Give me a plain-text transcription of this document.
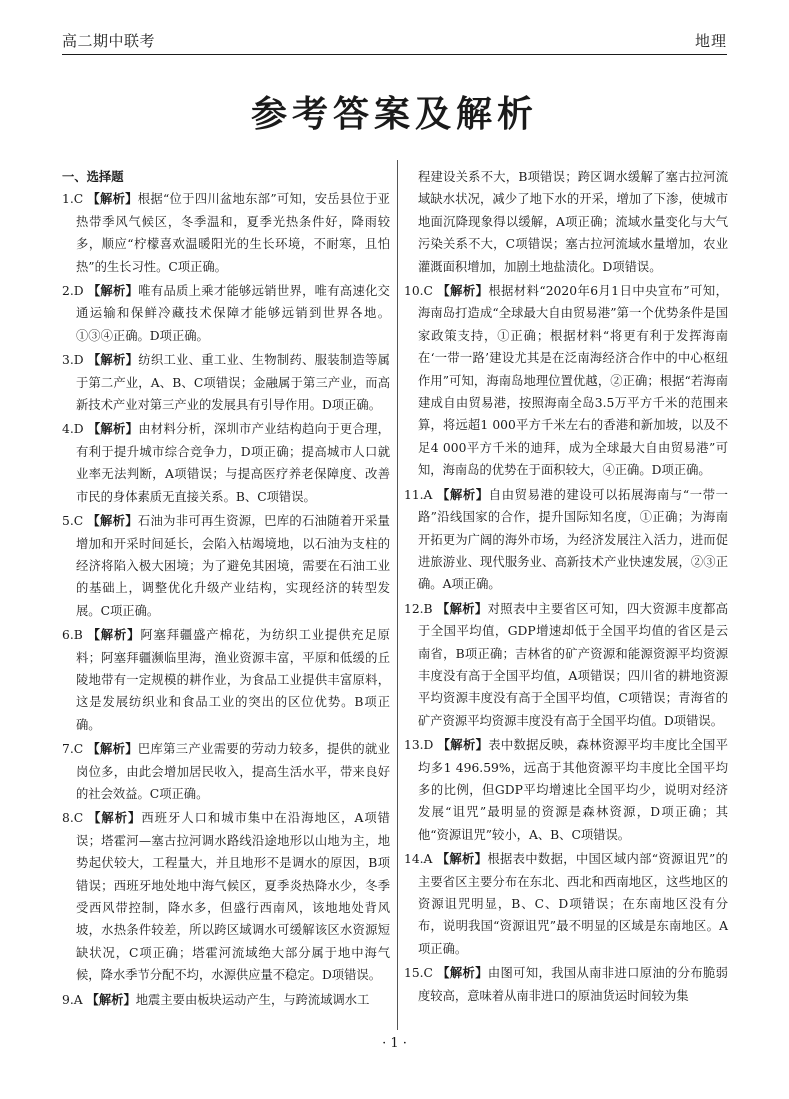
高二期中联考	地理
参考答案及解析
一、选择题

1.C 【解析】根据“位于四川盆地东部”可知，安岳县位于亚热带季风气候区，冬季温和，夏季光热条件好，降雨较多，顺应“柠檬喜欢温暖阳光的生长环境，不耐寒，且怕热”的生长习性。C项正确。

2.D 【解析】唯有品质上乘才能够远销世界，唯有高速化交通运输和保鲜冷藏技术保障才能够远销到世界各地。①③④正确。D项正确。

3.D 【解析】纺织工业、重工业、生物制药、服装制造等属于第二产业，A、B、C项错误；金融属于第三产业，而高新技术产业对第三产业的发展具有引导作用。D项正确。

4.D 【解析】由材料分析，深圳市产业结构趋向于更合理，有利于提升城市综合竞争力，D项正确；提高城市人口就业率无法判断，A项错误；与提高医疗养老保障度、改善市民的身体素质无直接关系。B、C项错误。

5.C 【解析】石油为非可再生资源，巴库的石油随着开采量增加和开采时间延长，会陷入枯竭境地，以石油为支柱的经济将陷入极大困境；为了避免其困境，需要在石油工业的基础上，调整优化升级产业结构，实现经济的转型发展。C项正确。

6.B 【解析】阿塞拜疆盛产棉花，为纺织工业提供充足原料；阿塞拜疆濒临里海，渔业资源丰富，平原和低缓的丘陵地带有一定规模的耕作业，为食品工业提供丰富原料，这是发展纺织业和食品工业的突出的区位优势。B项正确。

7.C 【解析】巴库第三产业需要的劳动力较多，提供的就业岗位多，由此会增加居民收入，提高生活水平，带来良好的社会效益。C项正确。

8.C 【解析】西班牙人口和城市集中在沿海地区，A项错误；塔霍河—塞古拉河调水路线沿途地形以山地为主，地势起伏较大，工程量大，并且地形不是调水的原因，B项错误；西班牙地处地中海气候区，夏季炎热降水少，冬季受西风带控制，降水多，但盛行西南风，该地地处背风坡，水热条件较差，所以跨区域调水可缓解该区水资源短缺状况，C项正确；塔霍河流域绝大部分属于地中海气候，降水季节分配不均，水源供应量不稳定。D项错误。

9.A 【解析】地震主要由板块运动产生，与跨流域调水工

程建设关系不大，B项错误；跨区调水缓解了塞古拉河流域缺水状况，减少了地下水的开采，增加了下渗，使城市地面沉降现象得以缓解，A项正确；流域水量变化与大气污染关系不大，C项错误；塞古拉河流域水量增加，农业灌溉面积增加，加剧土地盐渍化。D项错误。

10.C 【解析】根据材料“2020年6月1日中央宣布”可知，海南岛打造成“全球最大自由贸易港”第一个优势条件是国家政策支持，①正确；根据材料“将更有利于发挥海南在‘一带一路’建设尤其是在泛南海经济合作中的中心枢纽作用”可知，海南岛地理位置优越，②正确；根据“若海南建成自由贸易港，按照海南全岛3.5万平方千米的范围来算，将远超1 000平方千米左右的香港和新加坡，以及不足4 000平方千米的迪拜，成为全球最大自由贸易港”可知，海南岛的优势在于面积较大，④正确。D项正确。

11.A 【解析】自由贸易港的建设可以拓展海南与“一带一路”沿线国家的合作，提升国际知名度，①正确；为海南开拓更为广阔的海外市场，为经济发展注入活力，进而促进旅游业、现代服务业、高新技术产业快速发展，②③正确。A项正确。

12.B 【解析】对照表中主要省区可知，四大资源丰度都高于全国平均值，GDP增速却低于全国平均值的省区是云南省，B项正确；吉林省的矿产资源和能源资源平均资源丰度没有高于全国平均值，A项错误；四川省的耕地资源平均资源丰度没有高于全国平均值，C项错误；青海省的矿产资源平均资源丰度没有高于全国平均值。D项错误。

13.D 【解析】表中数据反映，森林资源平均丰度比全国平均多1 496.59%，远高于其他资源平均丰度比全国平均多的比例，但GDP平均增速比全国平均少，说明对经济发展“诅咒”最明显的资源是森林资源，D项正确；其他“资源诅咒”较小，A、B、C项错误。

14.A 【解析】根据表中数据，中国区域内部“资源诅咒”的主要省区主要分布在东北、西北和西南地区，这些地区的资源诅咒明显，B、C、D项错误；在东南地区没有分布，说明我国“资源诅咒”最不明显的区域是东南地区。A项正确。

15.C 【解析】由图可知，我国从南非进口原油的分布脆弱度较高，意味着从南非进口的原油货运时间较为集

· 1 ·
